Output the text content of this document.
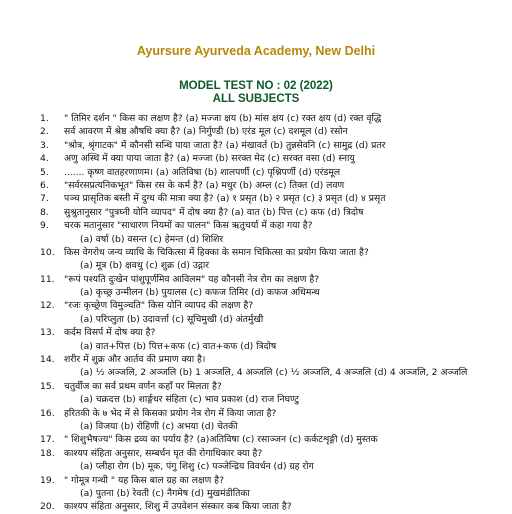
Ayursure Ayurveda Academy, New Delhi
MODEL TEST NO : 02 (2022)
ALL SUBJECTS
1.	" तिमिर दर्शन " किस का लक्षण है? (a) मज्जा क्षय (b) मांस क्षय (c) रक्त क्षय (d) रक्त वृद्धि
2.	सर्व आवरण में श्रेष्ठ औषधि क्या है? (a) निर्गुण्डी (b) एरंड मूल (c) दशमूल (d) रसोन
3.	"श्रोत्र, श्रृंगाटक" में कौनसी सन्धि पाया जाता है? (a) मंखावर्त (b) तुन्नसेवनि (c) सामुद्र (d) प्रतर
4.	अणु अस्थि में क्या पाया जाता है? (a) मज्जा (b) सरक्त मेद (c) सरक्त वसा (d) स्नायु
5.	....... कृष्ण वातहरणाणम। (a) अतिविषा (b) शालपर्णी (c) पृश्निपर्णी (d) एरंडमूल
6.	"सर्वरसप्रत्यनिकभूत" किस रस के कर्म है? (a) मधुर (b) अम्ल (c) तिक्त (d) लवण
7.	पञ्च प्रासृतिक बस्ती में दुग्ध की मात्रा क्या है? (a) १ प्रसृत (b) २ प्रसृत (c) ३ प्रसृत (d) ४ प्रसृत
8.	सुश्रुतानुसार "पुत्रघ्नी योनि व्यापद" में दोष क्या है? (a) वात (b) पित्त (c) कफ (d) त्रिदोष
9.	चरक मतानुसार "साधारण नियमों का पालन" किस ऋतुचर्या में कहा गया है?
(a) वर्षा (b) वसन्त (c) हेमन्त (d) शिशिर
10.	किस वेगरोध जन्य व्याधि के चिकित्सा में हिक्का के समान चिकित्सा का प्रयोग किया जाता है?
(a) मूत्र (b) क्षवथु (c) शुक्र (d) उद्गार
11.	"रूपं पश्यति दुःखेन पांशुपूर्णमिव आविलम" यह कौनसी नेत्र रोग का लक्षण है?
(a) कृच्छ्र उन्मीलन (b) पुयालस (c) कफज तिमिर (d) कफज अधिमन्थ
12.	"रजः कृच्छ्रेण विमुञ्चति" किस योनि व्यापद की लक्षण है?
(a) परिप्लुता (b) उदावर्त्ता (c) सूचिमुखी (d) अंतर्मुखी
13.	कर्दम विसर्प में दोष क्या है?
(a) वात+पित्त (b) पित्त+कफ (c) वात+कफ (d) त्रिदोष
14.	शरीर में शुक्र और आर्तव की प्रमाण क्या है।
(a) ½ अञ्जलि, 2 अञ्जलि (b) 1 अञ्जलि, 4 अञ्जलि (c) ½ अञ्जलि, 4 अञ्जलि (d) 4 अञ्जलि, 2 अञ्जलि
15.	चतुर्वीज का सर्व प्रथम वर्णन कहाँ पर मिलता है?
(a) चक्रदत्त (b) शार्ङ्गधर संहिता (c) भाव प्रकाश (d) राज निघण्टु
16.	हरितकी के ७ भेद में से किसका प्रयोग नेत्र रोग में किया जाता है?
(a) विजया (b) रोहिणी (c) अभया (d) चेतकी
17.	" शिशुभैषज्य" किस द्रव्य का पर्याय है? (a)अतिविषा (c) रसाञ्जन (c) कर्कटशृङ्गी (d) मुस्तक
18.	काश्यप संहिता अनुसार, सम्बर्धन घृत की रोगाधिकार क्या है?
(a) प्लीहा रोग (b) मूक, पंगु शिशु (c) पञ्जेन्द्रिय विवर्धन (d) ग्रह रोग
19.	" गोमूत्र गन्धी " यह किस बाल ग्रह का लक्षण है?
(a) पुतना (b) रेवती (c) नैगमेष (d) मुखमंडीतिका
20.	काश्यप संहिता अनुसार, शिशु में उपवेशन संस्कार कब किया जाता है?
